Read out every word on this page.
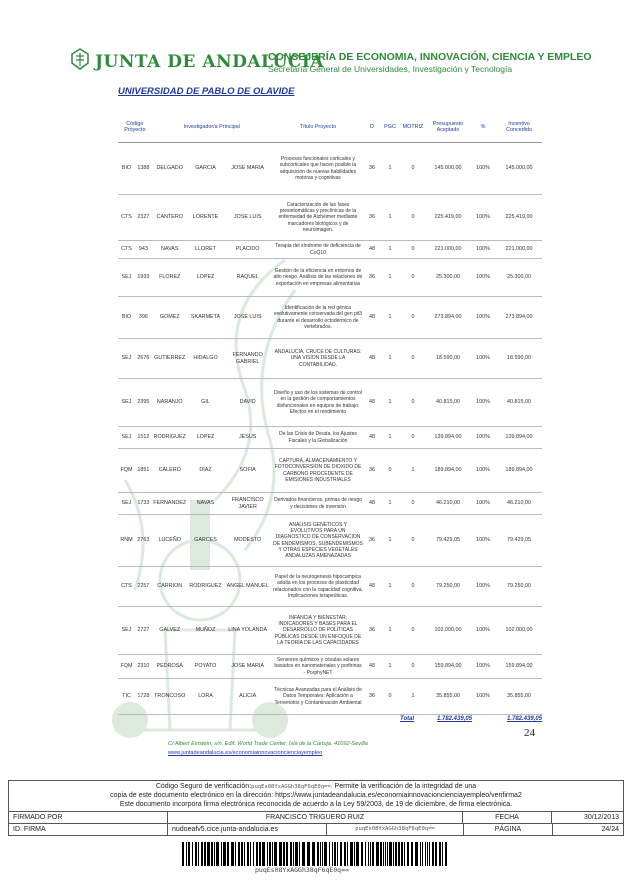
JUNTA DE ANDALUCIA
CONSEJERÍA DE ECONOMIA, INNOVACIÓN, CIENCIA Y EMPLEO
Secretaría General de Universidades, Investigación y Tecnología
UNIVERSIDAD DE PABLO DE OLAVIDE
Código Proyecto		Investigador/a Principal			Título Proyecto	D	PGC	MOTRIZ	Presupuesto Aceptado	%	Incentivo Concedido
BIO	1388	DELGADO	GARCIA	JOSE MARIA	Procesos funcionales corticales y subcorticales que hacen posible la adquisición de nuevas habilidades motoras y cognitivas	36	1	0	145.000,00	100%	145.000,00
CTS	2327	CANTERO	LORENTE	JOSE LUIS	Caracterización de las fases presintomáticas y preclínicas de la enfermedad de Alzheimer mediante marcadores biológicos y de neuroimagen.	36	1	0	225.419,00	100%	225.419,00
CTS	943	NAVAS	LLORET	PLACIDO	Terapia del síndrome de deficiencia de CoQ10	48	1	0	221.000,00	100%	221.000,00
SEJ	1933	FLOREZ	LOPEZ	RAQUEL	Gestión de la eficiencia en entornos de alto riesgo. Análisis de las relaciones de exportación en empresas alimentarias	36	1	0	25.300,00	100%	25.300,00
BIO	396	GOMEZ	SKARMETA	JOSE LUIS	Identificación de la red génica evolutivamente conservada del gen pit3 durante el desarrollo ectodérmico de vertebrados.	48	1	0	273.894,00	100%	273.894,00
SEJ	2676	GUTIERREZ	HIDALGO	FERNANDO GABRIEL	ANDALUCIA, CRUCE DE CULTURAS: UNA VISION DESDE LA CONTABILIDAD.	48	1	0	18.590,00	100%	18.590,00
SEJ	2395	NARANJO	GIL	DAVID	Diseño y uso de los sistemas de control en la gestión de comportamientos disfuncionales en equipos de trabajo: Efectos en el rendimiento	48	1	0	40.815,00	100%	40.815,00
SEJ	1512	RODRIGUEZ	LOPEZ	JESUS	De las Crisis de Deuda, los Ajustes Fiscales y la Globalización	48	1	0	139.894,00	100%	139.894,00
FQM	1851	CALERO	DIAZ	SOFIA	CAPTURA, ALMACENAMIENTO Y FOTOCONVERSION DE DIOXIDO DE CARBONO PROCEDENTE DE EMISIONES INDUSTRIALES	36	0	1	189.894,00	100%	189.894,00
SEJ	1733	FERNANDEZ	NAVAS	FRANCISCO JAVIER	Derivados financieros, primas de riesgo y decisiones de inversión	48	1	0	46.210,00	100%	46.210,00
RNM	2763	LUCEÑO	GARCES	MODESTO	ANALISIS GENETICOS Y EVOLUTIVOS PARA UN DIAGNOSTICO DE CONSERVACION DE ENDEMISMOS, SUBENDEMISMOS Y OTRAS ESPECIES VEGETALES ANDALUZAS AMENAZADAS	36	1	0	79.429,05	100%	79.429,05
CTS	2257	CARRION	RODRIGUEZ	ANGEL MANUEL	Papel de la neurogenesis hipocampica adulta en los procesos de plasticidad relacionados con la capacidad cognitiva. Implicaciones terapeúticas.	48	1	0	79.250,00	100%	79.250,00
SEJ	2727	GALVEZ	MUÑOZ	LINA YOLANDA	INFANCIA Y BIENESTAR: INDICADORES Y BASES PARA EL DESARROLLO DE POLÍTICAS PÚBLICAS DESDE UN ENFOQUE DE LA TEORÍA DE LAS CAPACIDADES	36	1	0	102.000,00	100%	102.000,00
FQM	2310	PEDROSA	POYATO	JOSE MARIA	Sensores químicos y césulas solares basados en nanomateriales y porfirinas - PorphyNET	48	1	0	159.894,00	100%	159.894,00
TIC	1728	TRONCOSO	LORA	ALICIA	Técnicas Avanzadas para el Análisis de Datos Temporales: Aplicación a Terremotos y Contaminación Ambiental	36	0	1	35.855,00	100%	35.855,00
Total	1.782.439,05	1.782.439,05
24
C/ Albert Einstein, s/n. Edif. World Trade Center, Isla de la Cartuja. 41092-Sevilla
www.juntadeandalucia.es/economiainnovacioncienciayempleo
Código Seguro de verificación:puqEs08YxAGGh38qF6qE0q==. Permite la verificación de la integridad de una
copia de este documento electrónico en la dirección: https://www.juntadeandalucia.es/economiainnovacioncienciayempleo/verifirma2
Este documento incorpora firma electrónica reconocida de acuerdo a la Ley 59/2003, de 19 de diciembre, de firma electrónica.
FIRMADO POR	FRANCISCO TRIGUERO RUIZ	FECHA	30/12/2013
ID. FIRMA	nudoeafv5.cice.junta-andalucia.es	puqEs08YxAGGh38qF6qE0q==	PÁGINA	24/24
puqEs08YxAGGh38qF6qE0q==
